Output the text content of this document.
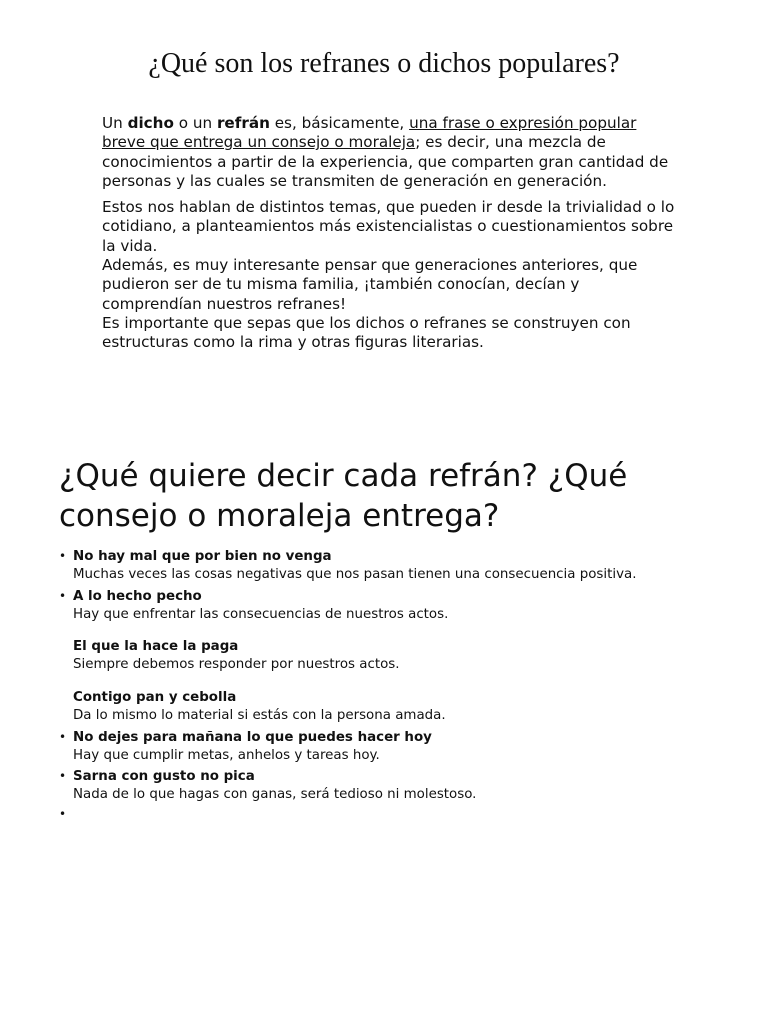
¿Qué son los refranes o dichos populares?

Un dicho o un refrán es, básicamente, una frase o expresión popular breve que entrega un consejo o moraleja; es decir, una mezcla de conocimientos a partir de la experiencia, que comparten gran cantidad de personas y las cuales se transmiten de generación en generación.

Estos nos hablan de distintos temas, que pueden ir desde la trivialidad o lo cotidiano, a planteamientos más existencialistas o cuestionamientos sobre la vida.

Además, es muy interesante pensar que generaciones anteriores, que pudieron ser de tu misma familia, ¡también conocían, decían y comprendían nuestros refranes!

Es importante que sepas que los dichos o refranes se construyen con estructuras como la rima y otras figuras literarias.

¿Qué quiere decir cada refrán? ¿Qué consejo o moraleja entrega?
• No hay mal que por bien no venga
Muchas veces las cosas negativas que nos pasan tienen una consecuencia positiva.
• A lo hecho pecho
Hay que enfrentar las consecuencias de nuestros actos.
El que la hace la paga
Siempre debemos responder por nuestros actos.
Contigo pan y cebolla
Da lo mismo lo material si estás con la persona amada.
• No dejes para mañana lo que puedes hacer hoy
Hay que cumplir metas, anhelos y tareas hoy.
• Sarna con gusto no pica
Nada de lo que hagas con ganas, será tedioso ni molestoso.
•
